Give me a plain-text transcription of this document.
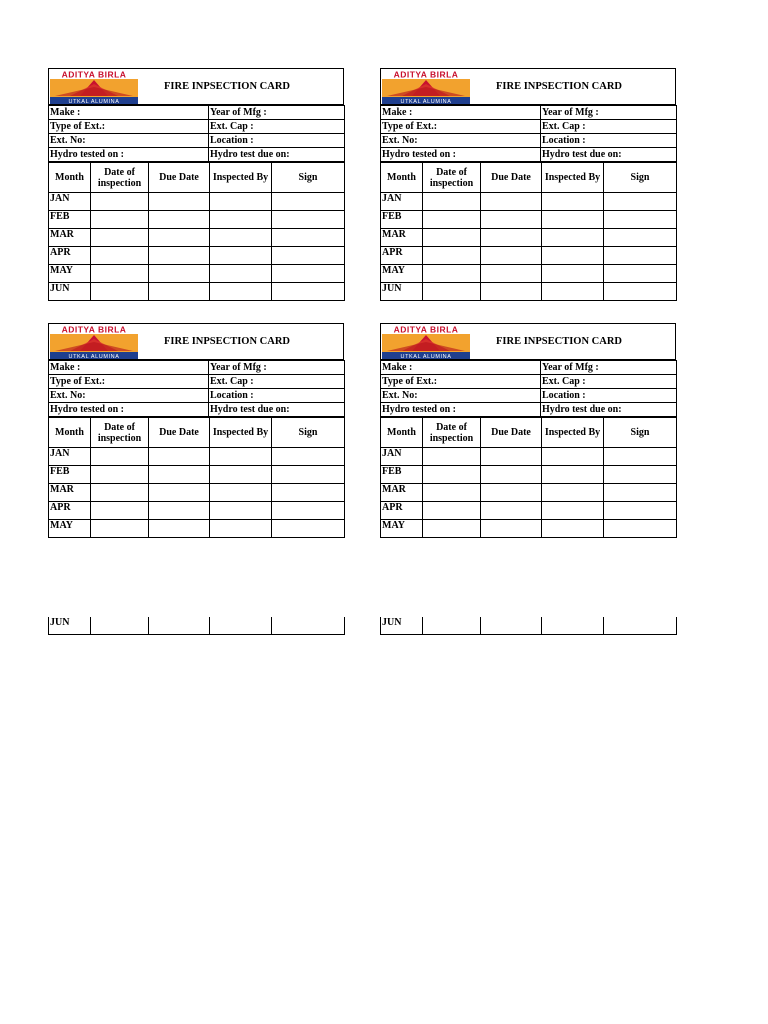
ADITYA BIRLA
UTKAL ALUMINA
FIRE INPSECTION CARD
Make :	Year of Mfg :
Type of Ext.:	Ext. Cap :
Ext. No:	Location :
Hydro tested on :	Hydro test due on:
Month	Date of inspection	Due Date	Inspected By	Sign
JAN				
FEB				
MAR				
APR				
MAY				
JUN				
ADITYA BIRLA
UTKAL ALUMINA
FIRE INPSECTION CARD
Make :	Year of Mfg :
Type of Ext.:	Ext. Cap :
Ext. No:	Location :
Hydro tested on :	Hydro test due on:
Month	Date of inspection	Due Date	Inspected By	Sign
JAN				
FEB				
MAR				
APR				
MAY				
JUN				
ADITYA BIRLA
UTKAL ALUMINA
FIRE INPSECTION CARD
Make :	Year of Mfg :
Type of Ext.:	Ext. Cap :
Ext. No:	Location :
Hydro tested on :	Hydro test due on:
Month	Date of inspection	Due Date	Inspected By	Sign
JAN				
FEB				
MAR				
APR				
MAY				
JUN				
ADITYA BIRLA
UTKAL ALUMINA
FIRE INPSECTION CARD
Make :	Year of Mfg :
Type of Ext.:	Ext. Cap :
Ext. No:	Location :
Hydro tested on :	Hydro test due on:
Month	Date of inspection	Due Date	Inspected By	Sign
JAN				
FEB				
MAR				
APR				
MAY				
JUN				
